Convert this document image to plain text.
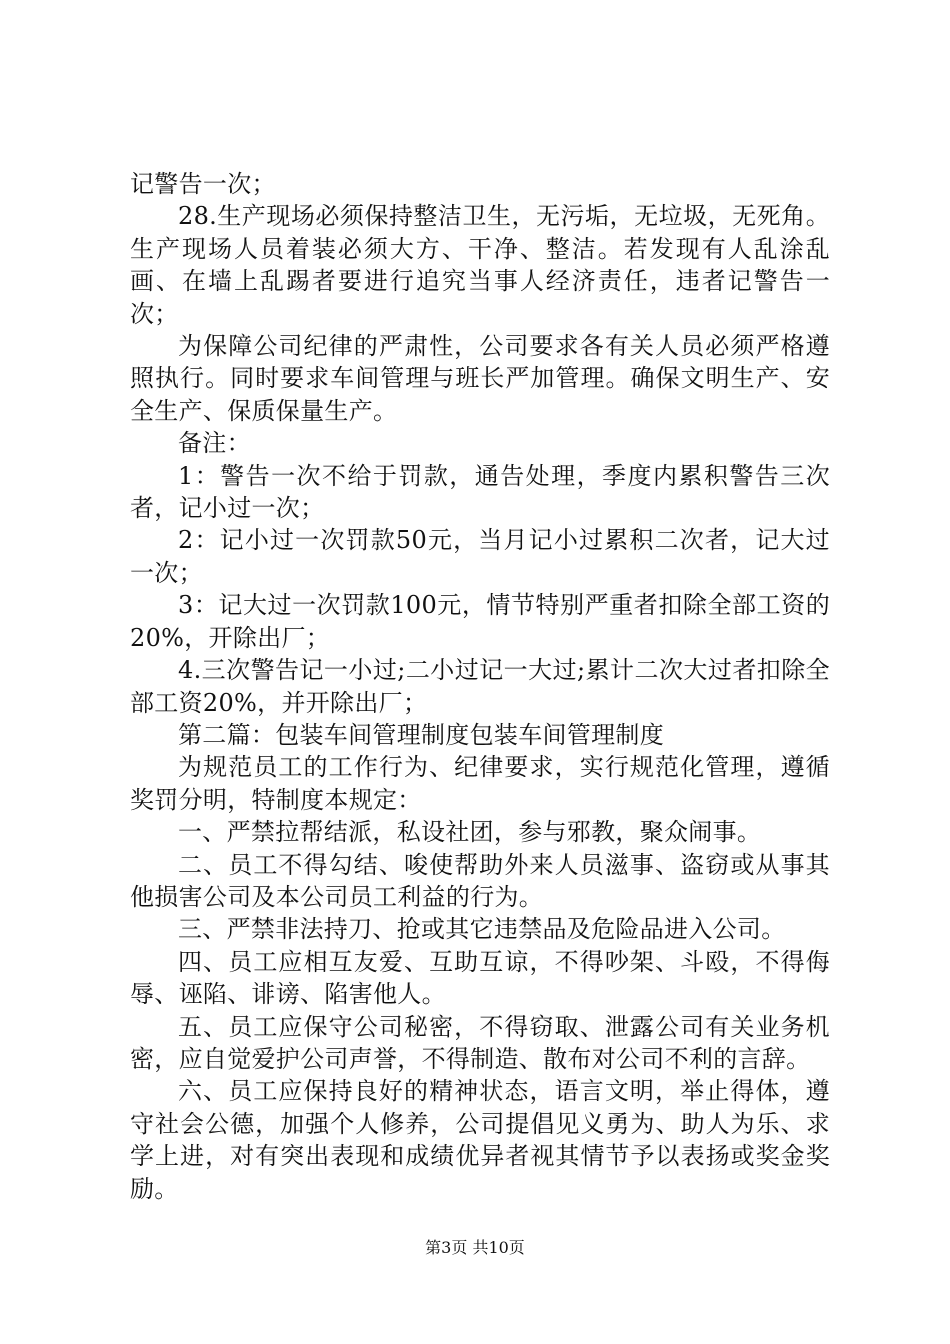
记警告一次；

28.生产现场必须保持整洁卫生，无污垢，无垃圾，无死角。生产现场人员着装必须大方、干净、整洁。若发现有人乱涂乱画、在墙上乱踢者要进行追究当事人经济责任，违者记警告一次；

为保障公司纪律的严肃性，公司要求各有关人员必须严格遵照执行。同时要求车间管理与班长严加管理。确保文明生产、安全生产、保质保量生产。

备注：

1：警告一次不给于罚款，通告处理，季度内累积警告三次者，记小过一次；

2：记小过一次罚款50元，当月记小过累积二次者，记大过一次；

3：记大过一次罚款100元，情节特别严重者扣除全部工资的20%，开除出厂；

4.三次警告记一小过;二小过记一大过;累计二次大过者扣除全部工资20%，并开除出厂；

第二篇：包装车间管理制度包装车间管理制度

为规范员工的工作行为、纪律要求，实行规范化管理，遵循奖罚分明，特制度本规定：

一、严禁拉帮结派，私设社团，参与邪教，聚众闹事。

二、员工不得勾结、唆使帮助外来人员滋事、盗窃或从事其他损害公司及本公司员工利益的行为。

三、严禁非法持刀、抢或其它违禁品及危险品进入公司。

四、员工应相互友爱、互助互谅，不得吵架、斗殴，不得侮辱、诬陷、诽谤、陷害他人。

五、员工应保守公司秘密，不得窃取、泄露公司有关业务机密，应自觉爱护公司声誉，不得制造、散布对公司不利的言辞。

六、员工应保持良好的精神状态，语言文明，举止得体，遵守社会公德，加强个人修养，公司提倡见义勇为、助人为乐、求学上进，对有突出表现和成绩优异者视其情节予以表扬或奖金奖励。

第3页 共10页
